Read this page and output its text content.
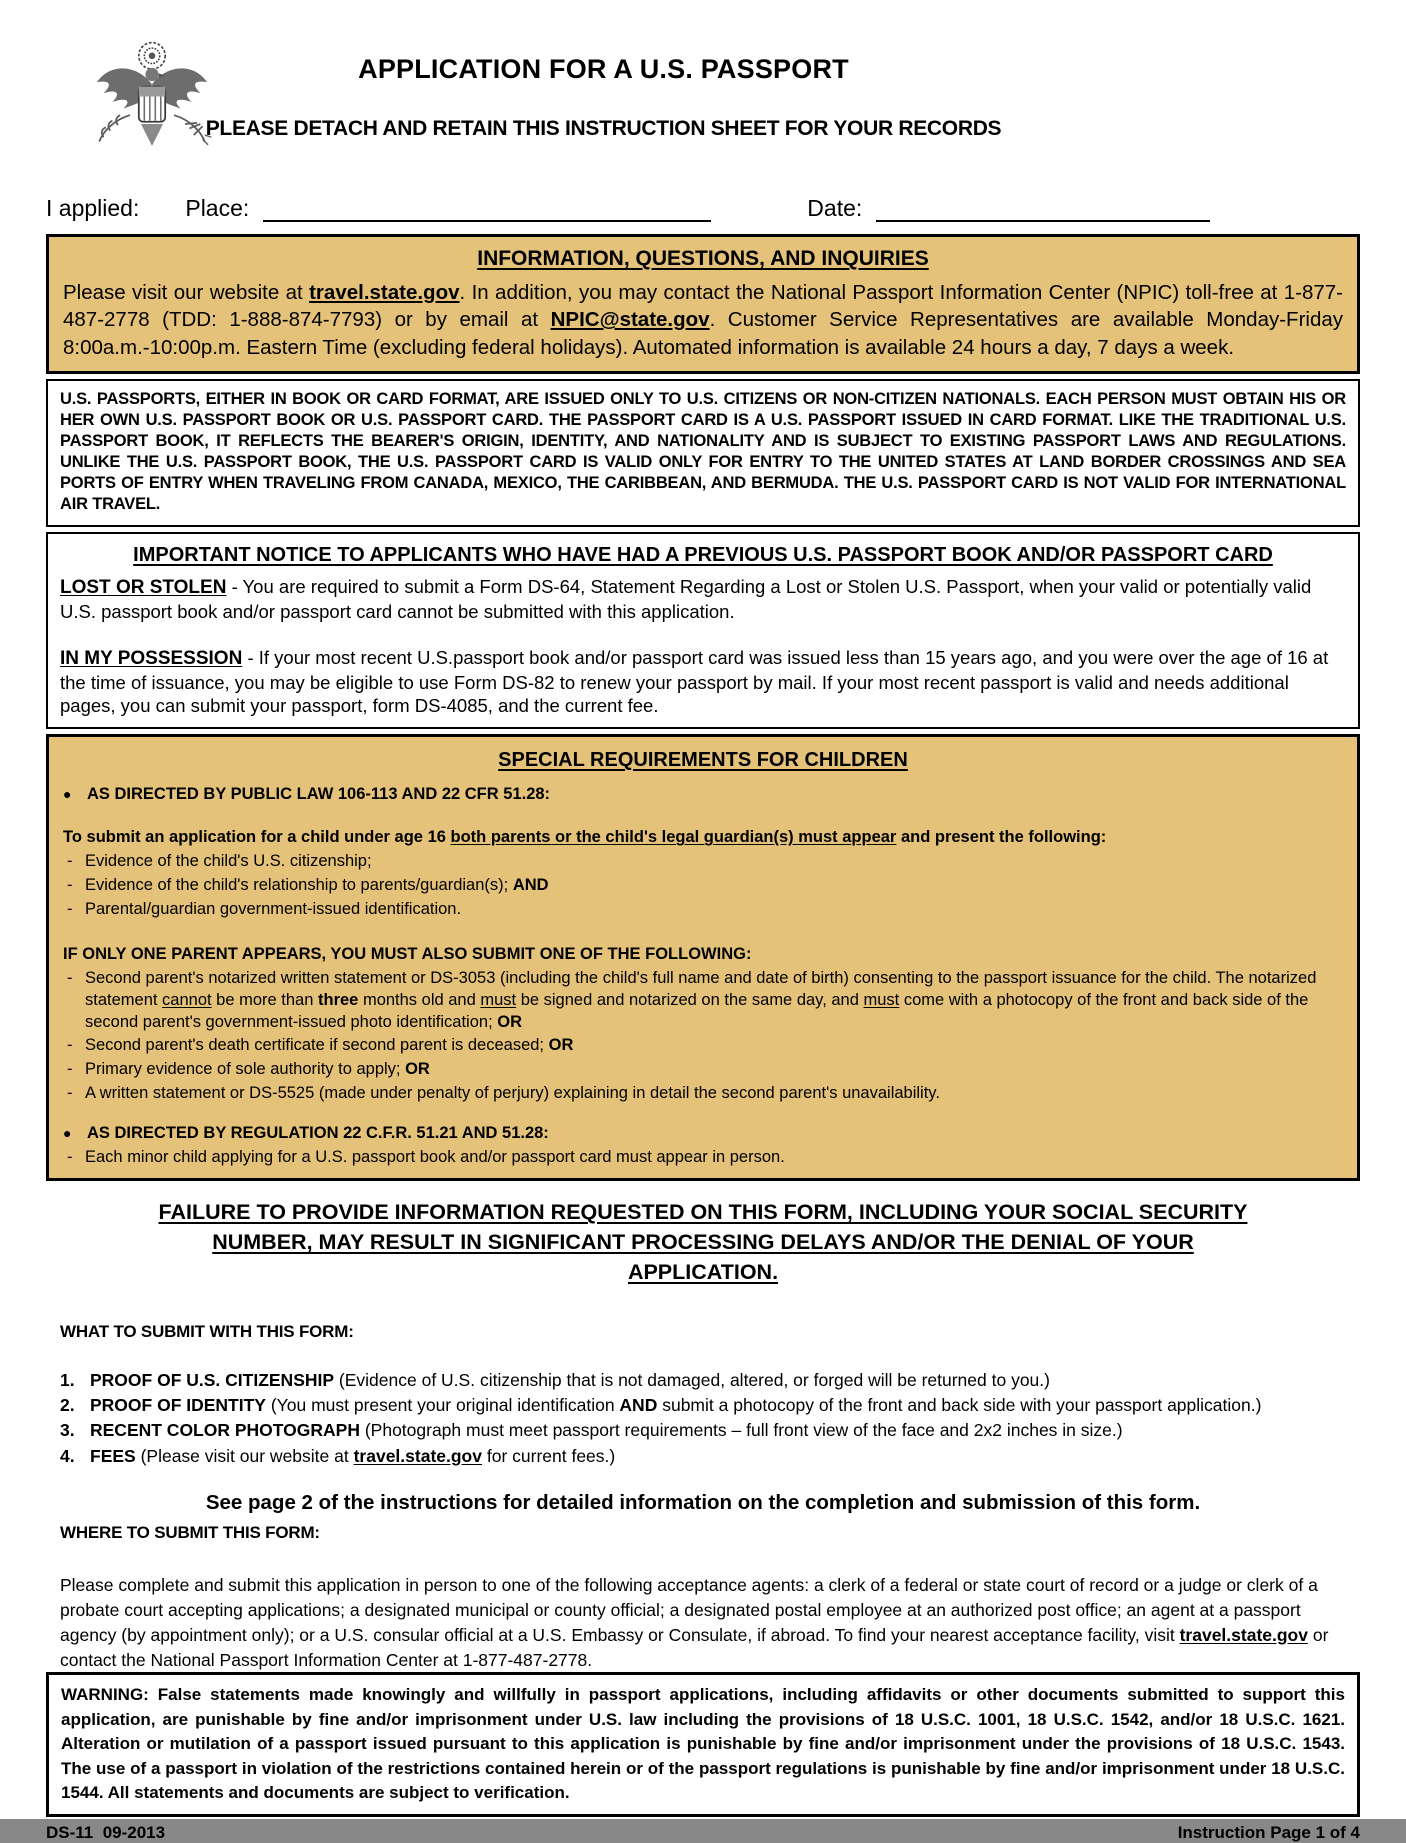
APPLICATION FOR A U.S. PASSPORT
PLEASE DETACH AND RETAIN THIS INSTRUCTION SHEET FOR YOUR RECORDS
I applied: Place:	Date:
INFORMATION, QUESTIONS, AND INQUIRIES
Please visit our website at travel.state.gov. In addition, you may contact the National Passport Information Center (NPIC) toll-free at 1-877-487-2778 (TDD: 1-888-874-7793) or by email at NPIC@state.gov. Customer Service Representatives are available Monday-Friday 8:00a.m.-10:00p.m. Eastern Time (excluding federal holidays). Automated information is available 24 hours a day, 7 days a week.
U.S. PASSPORTS, EITHER IN BOOK OR CARD FORMAT, ARE ISSUED ONLY TO U.S. CITIZENS OR NON-CITIZEN NATIONALS. EACH PERSON MUST OBTAIN HIS OR HER OWN U.S. PASSPORT BOOK OR U.S. PASSPORT CARD. THE PASSPORT CARD IS A U.S. PASSPORT ISSUED IN CARD FORMAT. LIKE THE TRADITIONAL U.S. PASSPORT BOOK, IT REFLECTS THE BEARER'S ORIGIN, IDENTITY, AND NATIONALITY AND IS SUBJECT TO EXISTING PASSPORT LAWS AND REGULATIONS. UNLIKE THE U.S. PASSPORT BOOK, THE U.S. PASSPORT CARD IS VALID ONLY FOR ENTRY TO THE UNITED STATES AT LAND BORDER CROSSINGS AND SEA PORTS OF ENTRY WHEN TRAVELING FROM CANADA, MEXICO, THE CARIBBEAN, AND BERMUDA. THE U.S. PASSPORT CARD IS NOT VALID FOR INTERNATIONAL AIR TRAVEL.
IMPORTANT NOTICE TO APPLICANTS WHO HAVE HAD A PREVIOUS U.S. PASSPORT BOOK AND/OR PASSPORT CARD
LOST OR STOLEN - You are required to submit a Form DS-64, Statement Regarding a Lost or Stolen U.S. Passport, when your valid or potentially valid U.S. passport book and/or passport card cannot be submitted with this application.
IN MY POSSESSION - If your most recent U.S.passport book and/or passport card was issued less than 15 years ago, and you were over the age of 16 at the time of issuance, you may be eligible to use Form DS-82 to renew your passport by mail. If your most recent passport is valid and needs additional pages, you can submit your passport, form DS-4085, and the current fee.
SPECIAL REQUIREMENTS FOR CHILDREN
● AS DIRECTED BY PUBLIC LAW 106-113 AND 22 CFR 51.28:
To submit an application for a child under age 16 both parents or the child's legal guardian(s) must appear and present the following:
- Evidence of the child's U.S. citizenship;
- Evidence of the child's relationship to parents/guardian(s); AND
- Parental/guardian government-issued identification.
IF ONLY ONE PARENT APPEARS, YOU MUST ALSO SUBMIT ONE OF THE FOLLOWING:
- Second parent's notarized written statement or DS-3053 (including the child's full name and date of birth) consenting to the passport issuance for the child. The notarized statement cannot be more than three months old and must be signed and notarized on the same day, and must come with a photocopy of the front and back side of the second parent's government-issued photo identification; OR
- Second parent's death certificate if second parent is deceased; OR
- Primary evidence of sole authority to apply; OR
- A written statement or DS-5525 (made under penalty of perjury) explaining in detail the second parent's unavailability.
● AS DIRECTED BY REGULATION 22 C.F.R. 51.21 AND 51.28:
- Each minor child applying for a U.S. passport book and/or passport card must appear in person.
FAILURE TO PROVIDE INFORMATION REQUESTED ON THIS FORM, INCLUDING YOUR SOCIAL SECURITY NUMBER, MAY RESULT IN SIGNIFICANT PROCESSING DELAYS AND/OR THE DENIAL OF YOUR APPLICATION.
WHAT TO SUBMIT WITH THIS FORM:
1. PROOF OF U.S. CITIZENSHIP (Evidence of U.S. citizenship that is not damaged, altered, or forged will be returned to you.)
2. PROOF OF IDENTITY (You must present your original identification AND submit a photocopy of the front and back side with your passport application.)
3. RECENT COLOR PHOTOGRAPH (Photograph must meet passport requirements – full front view of the face and 2x2 inches in size.)
4. FEES (Please visit our website at travel.state.gov for current fees.)
See page 2 of the instructions for detailed information on the completion and submission of this form.
WHERE TO SUBMIT THIS FORM:
Please complete and submit this application in person to one of the following acceptance agents: a clerk of a federal or state court of record or a judge or clerk of a probate court accepting applications; a designated municipal or county official; a designated postal employee at an authorized post office; an agent at a passport agency (by appointment only); or a U.S. consular official at a U.S. Embassy or Consulate, if abroad. To find your nearest acceptance facility, visit travel.state.gov or contact the National Passport Information Center at 1-877-487-2778.
WARNING: False statements made knowingly and willfully in passport applications, including affidavits or other documents submitted to support this application, are punishable by fine and/or imprisonment under U.S. law including the provisions of 18 U.S.C. 1001, 18 U.S.C. 1542, and/or 18 U.S.C. 1621. Alteration or mutilation of a passport issued pursuant to this application is punishable by fine and/or imprisonment under the provisions of 18 U.S.C. 1543. The use of a passport in violation of the restrictions contained herein or of the passport regulations is punishable by fine and/or imprisonment under 18 U.S.C. 1544. All statements and documents are subject to verification.
DS-11  09-2013	Instruction Page 1 of 4
